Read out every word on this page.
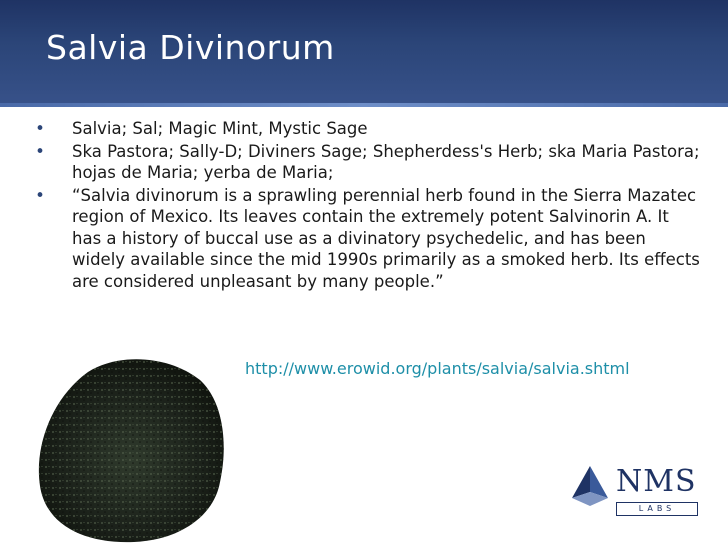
Salvia Divinorum
•	Salvia; Sal; Magic Mint, Mystic Sage
•	Ska Pastora; Sally-D; Diviners Sage; Shepherdess's Herb; ska Maria Pastora; hojas de Maria; yerba de Maria;
•	“Salvia divinorum is a sprawling perennial herb found in the Sierra Mazatec region of Mexico. Its leaves contain the extremely potent Salvinorin A. It has a history of buccal use as a divinatory psychedelic, and has been widely available since the mid 1990s primarily as a smoked herb. Its effects are considered unpleasant by many people.”
http://www.erowid.org/plants/salvia/salvia.shtml
NMS
LABS
